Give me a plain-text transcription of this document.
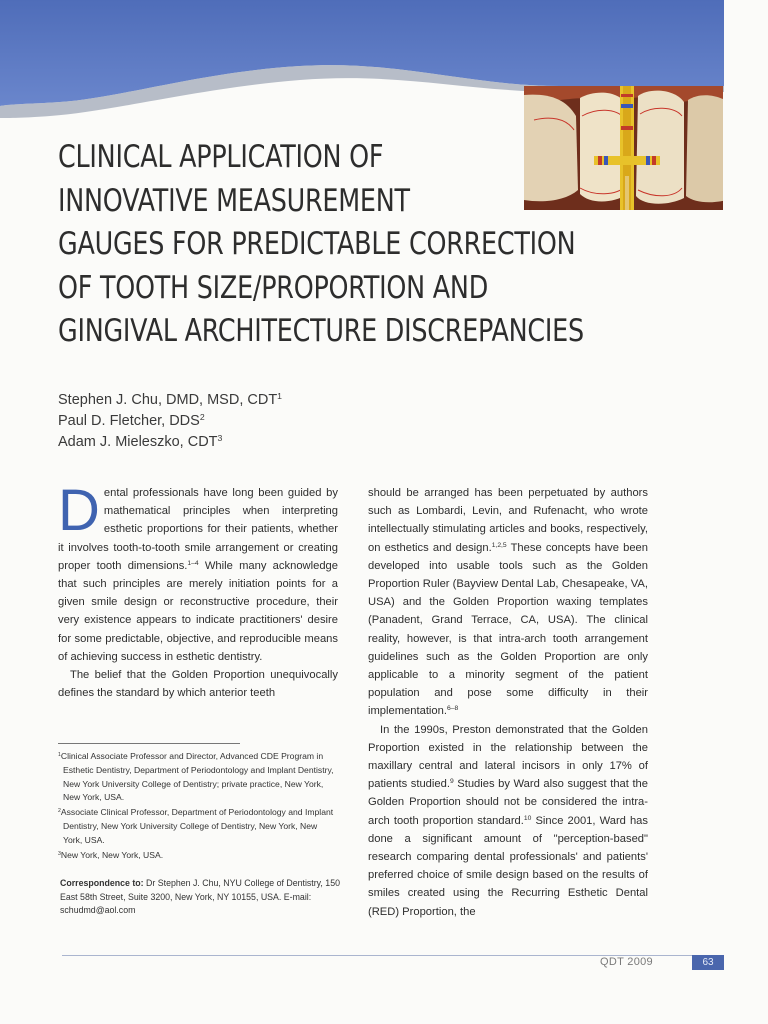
CLINICAL APPLICATION OF
INNOVATIVE MEASUREMENT
GAUGES FOR PREDICTABLE CORRECTION
OF TOOTH SIZE/PROPORTION AND
GINGIVAL ARCHITECTURE DISCREPANCIES
Stephen J. Chu, DMD, MSD, CDT$^1$
Paul D. Fletcher, DDS$^2$
Adam J. Mieleszko, CDT$^3$

Dental professionals have long been guided by mathematical principles when interpreting esthetic proportions for their patients, whether it involves tooth-to-tooth smile arrangement or creating proper tooth dimensions.$^{1-4}$ While many acknowledge that such principles are merely initiation points for a given smile design or reconstructive procedure, their very existence appears to indicate practitioners' desire for some predictable, objective, and reproducible means of achieving success in esthetic dentistry.

The belief that the Golden Proportion unequivocally defines the standard by which anterior teeth

should be arranged has been perpetuated by authors such as Lombardi, Levin, and Rufenacht, who wrote intellectually stimulating articles and books, respectively, on esthetics and design.$^{1,2,5}$ These concepts have been developed into usable tools such as the Golden Proportion Ruler (Bayview Dental Lab, Chesapeake, VA, USA) and the Golden Proportion waxing templates (Panadent, Grand Terrace, CA, USA). The clinical reality, however, is that intra-arch tooth arrangement guidelines such as the Golden Proportion are only applicable to a minority segment of the patient population and pose some difficulty in their implementation.$^{6-8}$

In the 1990s, Preston demonstrated that the Golden Proportion existed in the relationship between the maxillary central and lateral incisors in only 17% of patients studied.$^9$ Studies by Ward also suggest that the Golden Proportion should not be considered the intra-arch tooth proportion standard.$^{10}$ Since 2001, Ward has done a significant amount of "perception-based" research comparing dental professionals' and patients' preferred choice of smile design based on the results of smiles created using the Recurring Esthetic Dental (RED) Proportion, the

$^1$Clinical Associate Professor and Director, Advanced CDE Program in Esthetic Dentistry, Department of Periodontology and Implant Dentistry, New York University College of Dentistry; private practice, New York, New York, USA.

$^2$Associate Clinical Professor, Department of Periodontology and Implant Dentistry, New York University College of Dentistry, New York, New York, USA.

$^3$New York, New York, USA.

Correspondence to: Dr Stephen J. Chu, NYU College of Dentistry, 150 East 58th Street, Suite 3200, New York, NY 10155, USA. E-mail: schudmd@aol.com
QDT 2009	63
